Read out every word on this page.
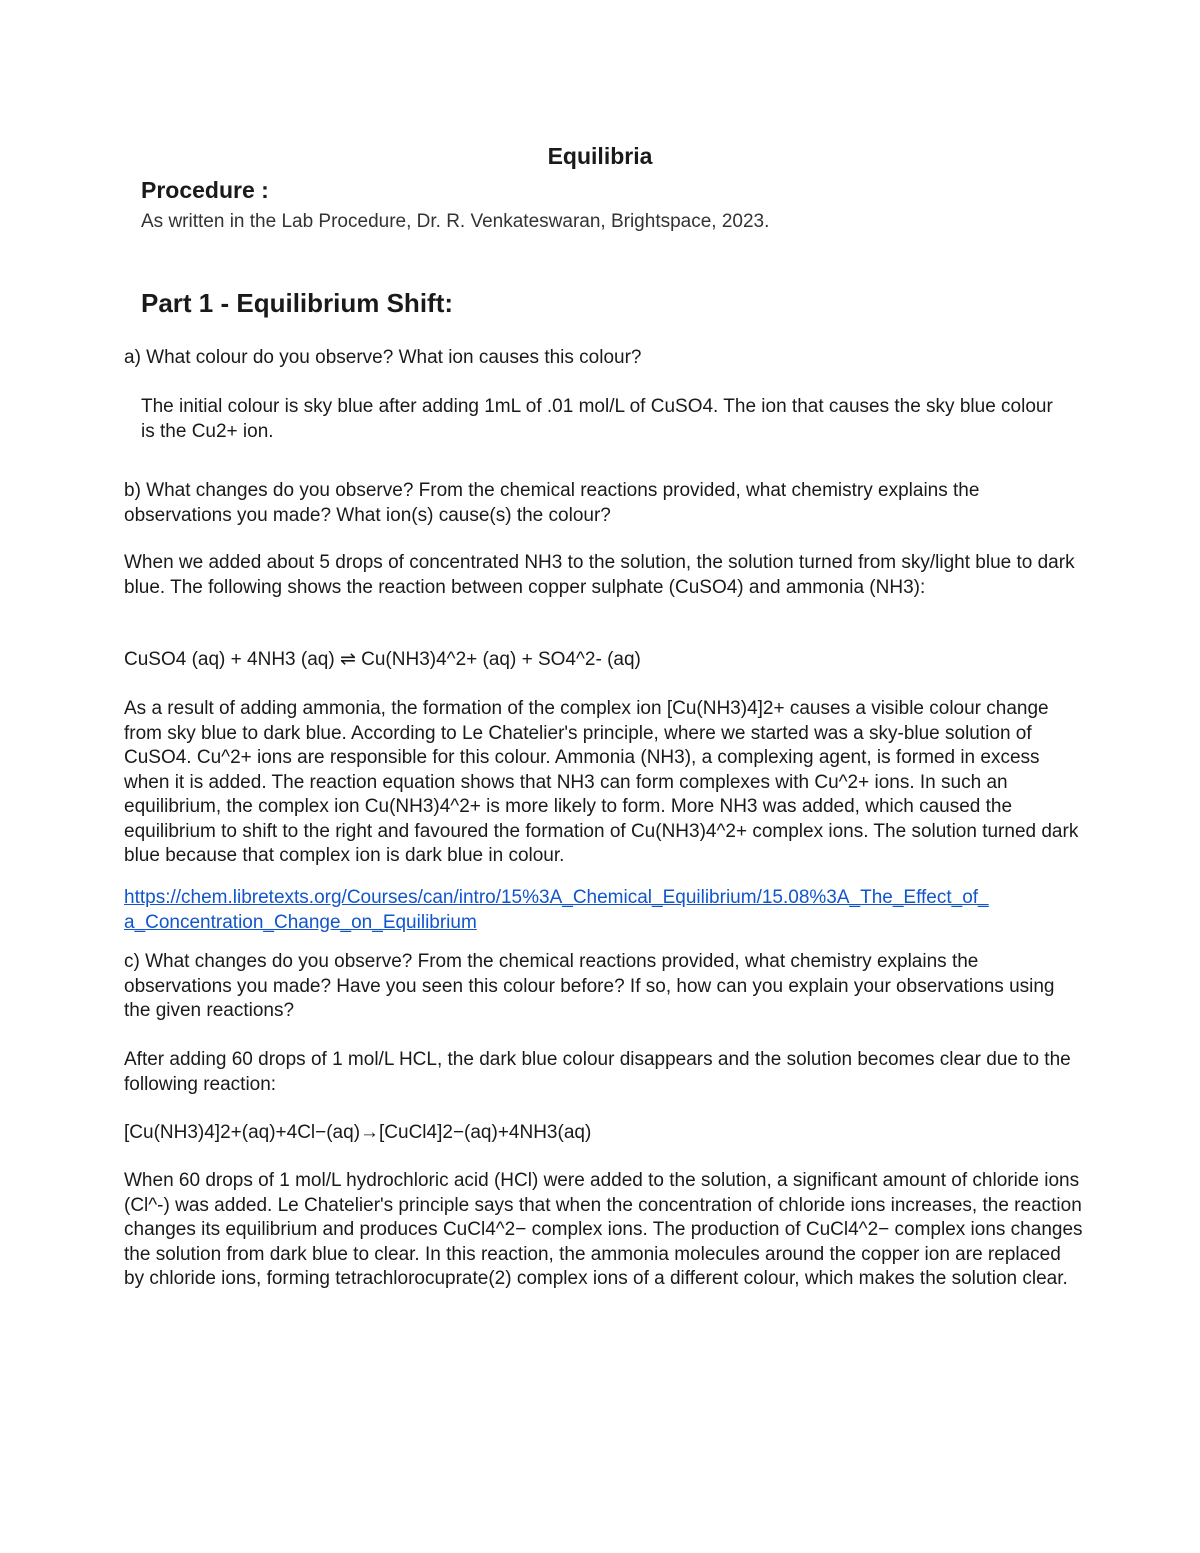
Equilibria
Procedure :

As written in the Lab Procedure, Dr. R. Venkateswaran, Brightspace, 2023.

Part 1 - Equilibrium Shift:

a) What colour do you observe? What ion causes this colour?

The initial colour is sky blue after adding 1mL of .01 mol/L of CuSO4. The ion that causes the sky blue colour is the Cu2+ ion.

b) What changes do you observe? From the chemical reactions provided, what chemistry explains the observations you made? What ion(s) cause(s) the colour?

When we added about 5 drops of concentrated NH3 to the solution, the solution turned from sky/light blue to dark blue. The following shows the reaction between copper sulphate (CuSO4) and ammonia (NH3):

CuSO4 (aq) + 4NH3 (aq) ⇌ Cu(NH3)4^2+ (aq) + SO4^2- (aq)

As a result of adding ammonia, the formation of the complex ion [Cu(NH3)4]2+ causes a visible colour change from sky blue to dark blue. According to Le Chatelier's principle, where we started was a sky-blue solution of CuSO4. Cu^2+ ions are responsible for this colour. Ammonia (NH3), a complexing agent, is formed in excess when it is added. The reaction equation shows that NH3 can form complexes with Cu^2+ ions. In such an equilibrium, the complex ion Cu(NH3)4^2+ is more likely to form. More NH3 was added, which caused the equilibrium to shift to the right and favoured the formation of Cu(NH3)4^2+ complex ions. The solution turned dark blue because that complex ion is dark blue in colour.

https://chem.libretexts.org/Courses/can/intro/15%3A_Chemical_Equilibrium/15.08%3A_The_Effect_of_
a_Concentration_Change_on_Equilibrium

c) What changes do you observe? From the chemical reactions provided, what chemistry explains the observations you made? Have you seen this colour before? If so, how can you explain your observations using the given reactions?

After adding 60 drops of 1 mol/L HCL, the dark blue colour disappears and the solution becomes clear due to the following reaction:

[Cu(NH3)4]2+(aq)+4Cl−(aq)→[CuCl4]2−(aq)+4NH3(aq)

When 60 drops of 1 mol/L hydrochloric acid (HCl) were added to the solution, a significant amount of chloride ions (Cl^-) was added. Le Chatelier's principle says that when the concentration of chloride ions increases, the reaction changes its equilibrium and produces CuCl4^2− complex ions. The production of CuCl4^2− complex ions changes the solution from dark blue to clear. In this reaction, the ammonia molecules around the copper ion are replaced by chloride ions, forming tetrachlorocuprate(2) complex ions of a different colour, which makes the solution clear.
